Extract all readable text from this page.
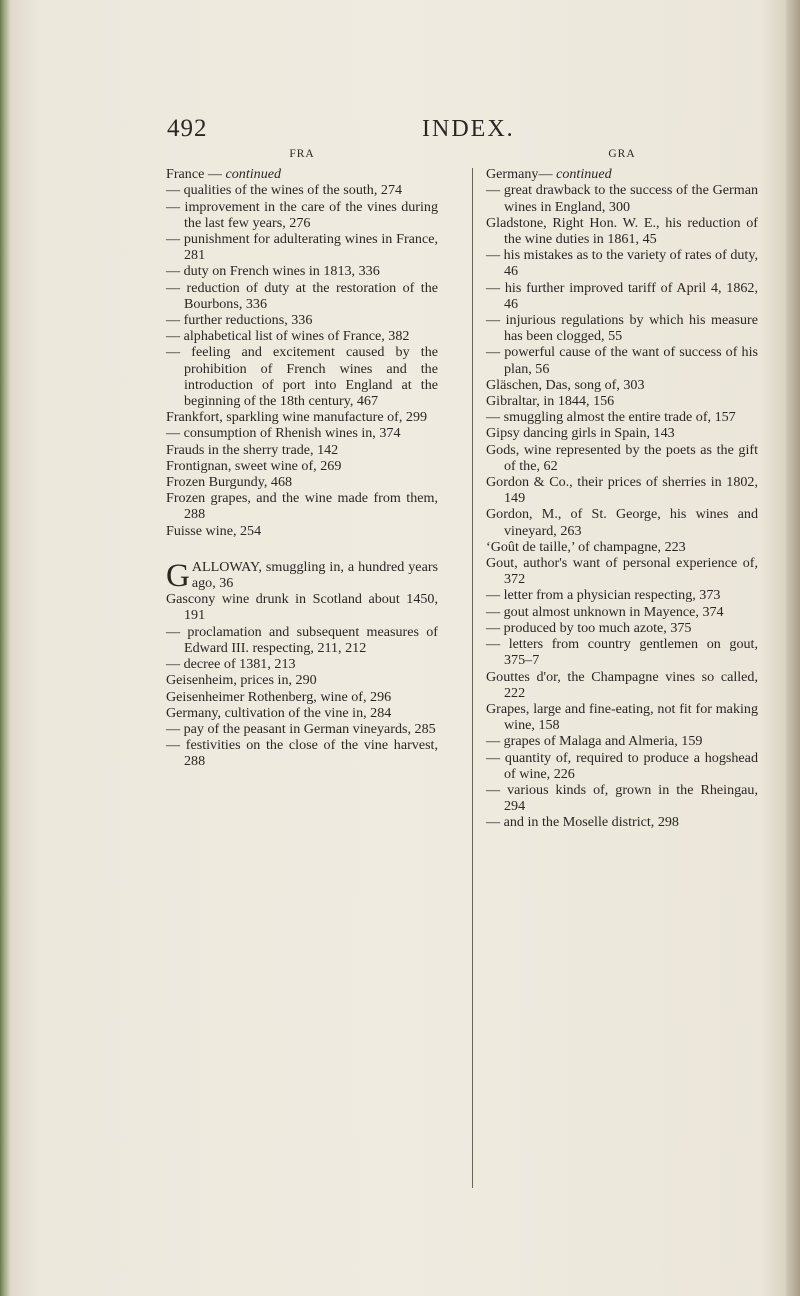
492	INDEX.
FRA

France — continued

— qualities of the wines of the south, 274

— improvement in the care of the vines during the last few years, 276

— punishment for adulterating wines in France, 281

— duty on French wines in 1813, 336

— reduction of duty at the restoration of the Bourbons, 336

— further reductions, 336

— alphabetical list of wines of France, 382

— feeling and excitement caused by the prohibition of French wines and the introduction of port into England at the beginning of the 18th century, 467

Frankfort, sparkling wine manufacture of, 299

— consumption of Rhenish wines in, 374

Frauds in the sherry trade, 142

Frontignan, sweet wine of, 269

Frozen Burgundy, 468

Frozen grapes, and the wine made from them, 288

Fuisse wine, 254

GALLOWAY, smuggling in, a hundred years ago, 36

Gascony wine drunk in Scotland about 1450, 191

— proclamation and subsequent measures of Edward III. respecting, 211, 212

— decree of 1381, 213

Geisenheim, prices in, 290

Geisenheimer Rothenberg, wine of, 296

Germany, cultivation of the vine in, 284

— pay of the peasant in German vineyards, 285

— festivities on the close of the vine harvest, 288

GRA

Germany— continued

— great drawback to the success of the German wines in England, 300

Gladstone, Right Hon. W. E., his reduction of the wine duties in 1861, 45

— his mistakes as to the variety of rates of duty, 46

— his further improved tariff of April 4, 1862, 46

— injurious regulations by which his measure has been clogged, 55

— powerful cause of the want of success of his plan, 56

Gläschen, Das, song of, 303

Gibraltar, in 1844, 156

— smuggling almost the entire trade of, 157

Gipsy dancing girls in Spain, 143

Gods, wine represented by the poets as the gift of the, 62

Gordon & Co., their prices of sherries in 1802, 149

Gordon, M., of St. George, his wines and vineyard, 263

‘Goût de taille,’ of champagne, 223

Gout, author's want of personal experience of, 372

— letter from a physician respecting, 373

— gout almost unknown in Mayence, 374

— produced by too much azote, 375

— letters from country gentlemen on gout, 375–7

Gouttes d'or, the Champagne vines so called, 222

Grapes, large and fine-eating, not fit for making wine, 158

— grapes of Malaga and Almeria, 159

— quantity of, required to produce a hogshead of wine, 226

— various kinds of, grown in the Rheingau, 294

— and in the Moselle district, 298
